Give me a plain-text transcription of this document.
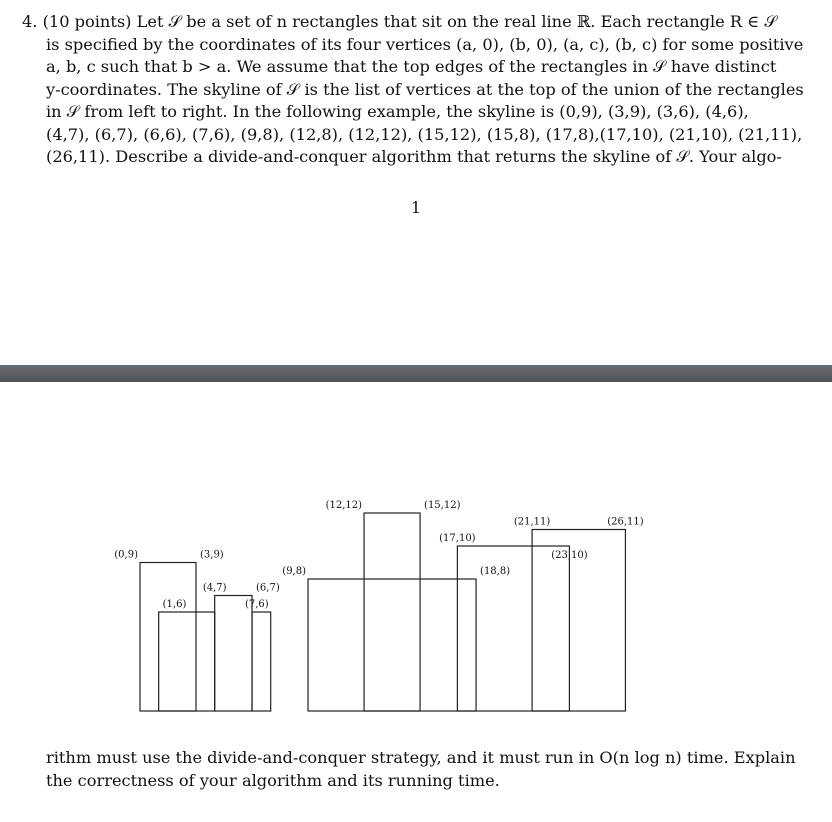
4. (10 points) Let 𝒮 be a set of n rectangles that sit on the real line ℝ. Each rectangle R ∈ 𝒮
is specified by the coordinates of its four vertices (a, 0), (b, 0), (a, c), (b, c) for some positive
a, b, c such that b > a. We assume that the top edges of the rectangles in 𝒮 have distinct
y-coordinates. The skyline of 𝒮 is the list of vertices at the top of the union of the rectangles
in 𝒮 from left to right. In the following example, the skyline is (0,9), (3,9), (3,6), (4,6),
(4,7), (6,7), (6,6), (7,6), (9,8), (12,8), (12,12), (15,12), (15,8), (17,8),(17,10), (21,10), (21,11),
(26,11). Describe a divide-and-conquer algorithm that returns the skyline of 𝒮. Your algo-
1
(0,9)	(3,9)
(1,6)
(4,7)	(6,7)
(7,6)
(9,8)
(12,12)	(15,12)
(17,10)
(18,8)
(21,11)
(23,10)
(26,11)
rithm must use the divide-and-conquer strategy, and it must run in O(n log n) time. Explain
the correctness of your algorithm and its running time.
